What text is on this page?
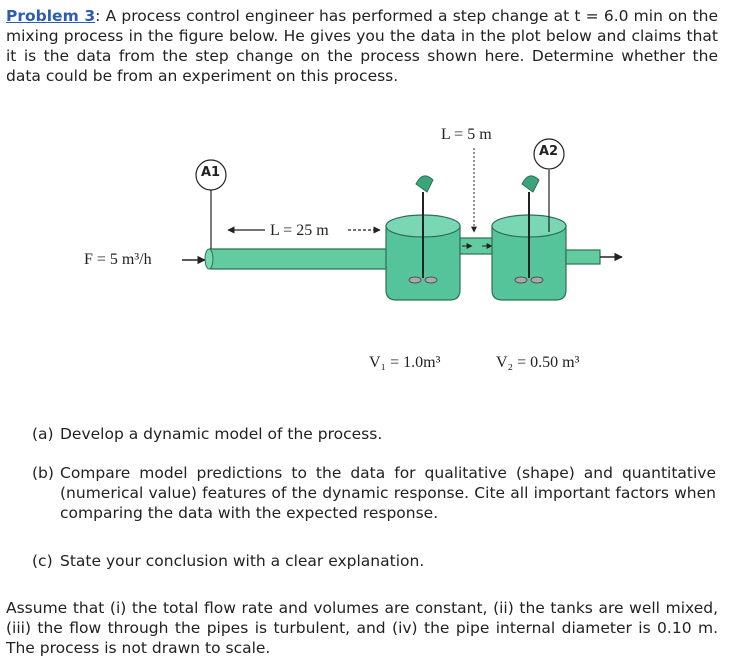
Problem 3: A process control engineer has performed a step change at t = 6.0 min on the mixing process in the figure below. He gives you the data in the plot below and claims that it is the data from the step change on the process shown here. Determine whether the data could be from an experiment on this process.
F = 5 m³/h
L = 25 m
L = 5 m
A1
A2
V₁ = 1.0m³	V₂ = 0.50 m³
(a) Develop a dynamic model of the process.
(b) Compare model predictions to the data for qualitative (shape) and quantitative (numerical value) features of the dynamic response. Cite all important factors when comparing the data with the expected response.
(c) State your conclusion with a clear explanation.
Assume that (i) the total flow rate and volumes are constant, (ii) the tanks are well mixed, (iii) the flow through the pipes is turbulent, and (iv) the pipe internal diameter is 0.10 m. The process is not drawn to scale.
